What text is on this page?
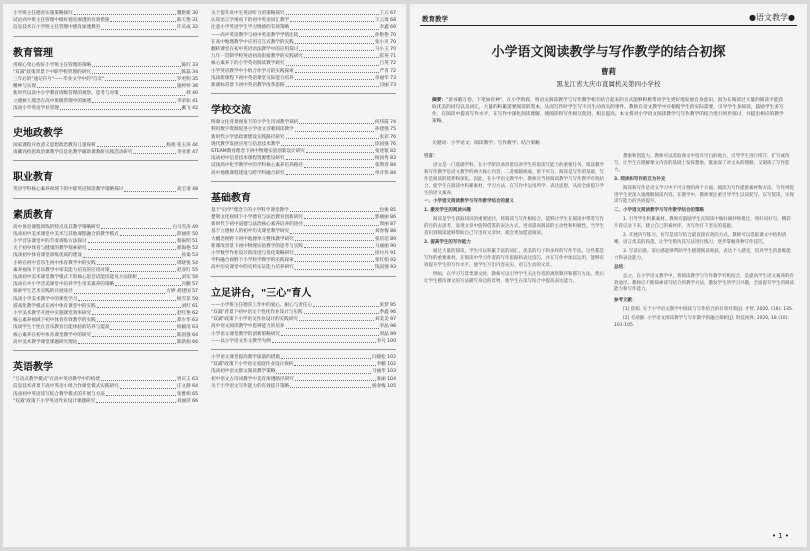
小学班主任德育实施策略探究	魏艳新 30
试论高中班主任管理中做好德育渗透的有效措施	陈天艳 31
信息技术在小学班主任管理中德育渗透教育	许庆成 32
教育管理
用规心变心构好小学班主任管理的策略	陈红 33
"双减"政策背景下中职学校管理的研究	陈磊 34
三年后的"速记符号"——毕业文学中的"自卖"	罗更明 35
精神与实现	施婷婷 36
新时代以高中小学教育班级管理的观察、思考与对策	郝 40
立德树人理念在高中班级管理中的渗透	李荣如 41
浅谈小学英语学业管理	戴飞 42
史地政教学
国家课程开放意义思想政治教育儿童探析	杨燕 张玉涛 44
南藏高校思政治课教学信息化教学辅助课教研实践活动研究	李亚新 47
职业教育
英语学科核心素养视域下的中职英语阅读教学策略探讨	高宝请 48
素质教育
高中体育课程训练的特点及其教学策略研究	白马雪涛 49
浅谈初中美术课堂中美术与其他课程融合的教学模式	薛丽彤 50
小学音乐课堂中的节奏训练方法探讨	蔡振明 51
关于初中体育与健康的教学探索研究	郝海艳 52
浅谈初中体育课堂训练优质的建设	孙秦 53
小班在初中音乐生初中体育教学中的实践	周晓悦 54
素养视角下音乐教学中审美能力培育的应用对策	赵彦红 55
浅谈初中美术课堂教学模式下的核心思音话能技能及方法探析	刘军 56
浅谈在中小学音美课堂中培养学生审美素养的策略	冯鹏 57
探索学生艺术实践的开展途径	方婷 胡建国 57
浅谈小学美术教学中的课堂学习	杨雪菲 59
游戏化教学模式在初中体育课堂中的实践	刘红 61
小学美术教学开展中实施课堂效率研究	赵红艳 62
核心素养视域下初中体育有效教学的实践	郑少华 63
浅谈学生个性在音乐教育自能体验的培养与提高	杨颖清 63
核心素养在初中体育课堂教学中的研究	陈国强 64
高中美术教学课堂课题研究理论	陈新娟 66
英语教学
"互动式教学模式"在高中英语教学中的构建	曾庆玉 63
信息技术背景下高中英语小组合作课堂模式实践研究	庄文静 64
浅谈初中英语读写结合教学模式的开展与方法	张雅娟 65
"双减"政策下小学英语作业设计课题研究	刘丽萍 66
关于提升高中生英语听力的策略探究	王五 67
认知语言学视角下的初中英语词汇教学	王云琦 68
注意小学英语学生学习情感的有效策略	李鑫 69
——高中英语教学与初中英语教学学情比较	孙艳艳 70
在高中地理教学中应用交互式教学的实践	张小贝 70
翻转课堂在初中英语语法教学中的应用探讨	马小玉 70
九年一贯制学校英语初高衔接教学的实践研究	崔英 71
核心素养下的小学英语阅读教学研究	吕英 72
小学英语教学中小组合作学习的实践探索	严青 72
浅谈新课程下初中英语课堂交际能力培养	章丽华 73
新课标背景下初中英语教学改革思路	闫丽 73
学校交流
终端文化背景视角下的小学生诗词教学探析	何伟霞 74
利用数字资源促进小学语文诗歌阅读教学	孙建强 75
新时代小学思政课建设实践路径研究	张彩 76
现代教学发展应用与信息技术教学	徐国强 76
STEAM教育理念下初中物理实验创新设计研究	张述银 82
浅谈初中信息技术课程资源建设研究	杨国秀 83
试谈高中化学教学中的学科核心素养培养路径	张利青 84
高中地理课程建设与跨学科融合研究	单开伟 84
基础教育
基于"问学"理念下的小学科学课堂教学	包俊 85
楚荆文化视域下小学德育与法治教育创新研究	郭丽丽 86
新时代下初中道德与法治核心素养培养的途径	周丽 87
基于立德树人的初中历史课堂教学研究	刘春梅 88
大概念视野下初中地理单元整体教学研究	张培培 89
新课改背景下初中物理实验教学的思考与实践	马丽丽 90
小学数学作业设计的改进与优化策略研究	徐丹丹 91
学科融合视野下小学科学教学的实践探索	张红娟 92
高中历史课堂中的史料实证能力培养研究	钱国强 93
立足讲台，"三心"育人
——小学班主任德育工作中的爱心、耐心与责任心	张梦 95
"双减"背景下初中语文个性化作业设计与实践	季鑫 96
"双减"政策下小学语文作业设计的实践研究	刘美美 97
高中语文阅读教学中思辨能力的培养	李晶 98
小学语文课堂教学的创新策略研究	周晶 99
——以小学语文作文教学为例	李凡 100
小学语文课堂提高教学质量的措施	闫晓松 102
"双减"政策下小学语文家庭作业设计探析	李鹏 102
浅谈初中语文群文阅读教学策略	马丽华 103
初中语文古诗词教学中美育渗透路径研究	张丽 104
关于小学语文写作能力的有效提升策略	杨春梅 105
教育教学	●语文教学●
小学语文阅读教学与写作教学的结合初探
曹莉
黑龙江省大庆市直属机关第四小学校
摘要："读书破万卷，下笔如有神"，在小学阶段，将语文阅读教学与写作教学相互结合起来的方式能够积极带动学生更好地发展自身意识。因为在阅读过大量的阅读才能获取优美的词句以及词汇，大量的积累需要阅读的资本，从而写作时学生写不出生动真实的事件。教师在语文教学中应根据学生的实际需要，引导学生多阅读，鼓励学生多写作，在阅读中提高写作水平，在写作中深化阅读理解，使阅读和写作相互促进、相互提高。本文将对小学语文阅读教学与写作教学的结合进行初步探讨，并提出相应的教学策略。
关键词：小学语文；阅读教学；写作教学；结合策略

引言：

语文是一门基础学科，在小学阶段承担着培养学生听说读写能力的重要任务。阅读教学和写作教学是语文教学的两大核心内容，二者相辅相成、密不可分。阅读是写作的基础，写作是阅读的延伸和深化。因此，在小学语文教学中，教师应当将阅读教学与写作教学有机结合，使学生在阅读中积累素材、学习方法，在写作中运用所学、表达思想，从而全面提升学生的语文素养。

一、小学语文阅读教学与写作教学结合的意义

1. 激发学生的阅读兴趣

阅读是学生获取知识的重要途径，将阅读与写作相结合，能够让学生在阅读中带着写作的目的去思考，发现文章中值得借鉴的表达方式，进而提高阅读的主动性和积极性。当学生意识到阅读能够帮助自己写出好文章时，就会更加愿意阅读。

2. 提高学生的写作能力

通过大量的阅读，学生可以积累丰富的词汇、优美的句子和多样的写作手法，这些都是写作的重要素材。在阅读中学习作者的写作思路和表达技巧，并在写作中加以运用，能够有效提升学生的写作水平，使学生写出内容充实、语言生动的文章。

例如，在学习写景类课文时，教师可以引导学生关注作者的观察顺序和描写方法，然后让学生模仿课文的写法描写身边的景物，使学生在读写结合中提高表达能力。

想象和创造力。教师可以选取课文中留有空白的地方，引导学生进行续写、扩写或改写，让学生在理解课文内容的基础上发挥想象，既加深了对文本的理解，又锻炼了写作能力。

3. 阅读和写作的互为补充

阅读和写作是语文学习中不可分割的两个方面。阅读为写作提供素材和方法，写作则促进学生更深入地理解阅读内容。在教学中，教师要注重引导学生以读促写、以写促读，实现读写能力的共同提升。

二、小学语文阅读教学与写作教学结合的策略

1. 引导学生积累素材。教师应鼓励学生在阅读中做好摘抄和批注，将好词好句、精彩片段记录下来，建立自己的素材库，为写作打下坚实的基础。

2. 开展仿写练习。仿写是读写结合最直接有效的方式。教师可以选取课文中结构清晰、语言优美的段落，让学生模仿其写法进行练习，逐步掌握各种写作技巧。

3. 写读后感。读后感能够帮助学生梳理阅读收获，表达个人感受，培养学生的思维能力和表达能力。

总结：

总之，在小学语文教学中，将阅读教学与写作教学有机结合，是提高学生语文素养的有效途径。教师应不断探索读写结合的教学方法，激发学生的学习兴趣，全面提升学生的阅读能力和写作能力。

参考文献：

[1] 焦娟. 关于小学语文教学中阅读与写作结合的有效对策[J]. 才智, 2020, (16): 135.

[2] 毛靖静. 小学语文阅读教学与写作教学的融合探析[J]. 科技视界, 2020, 18 (10): 101-105.

• 1 •
